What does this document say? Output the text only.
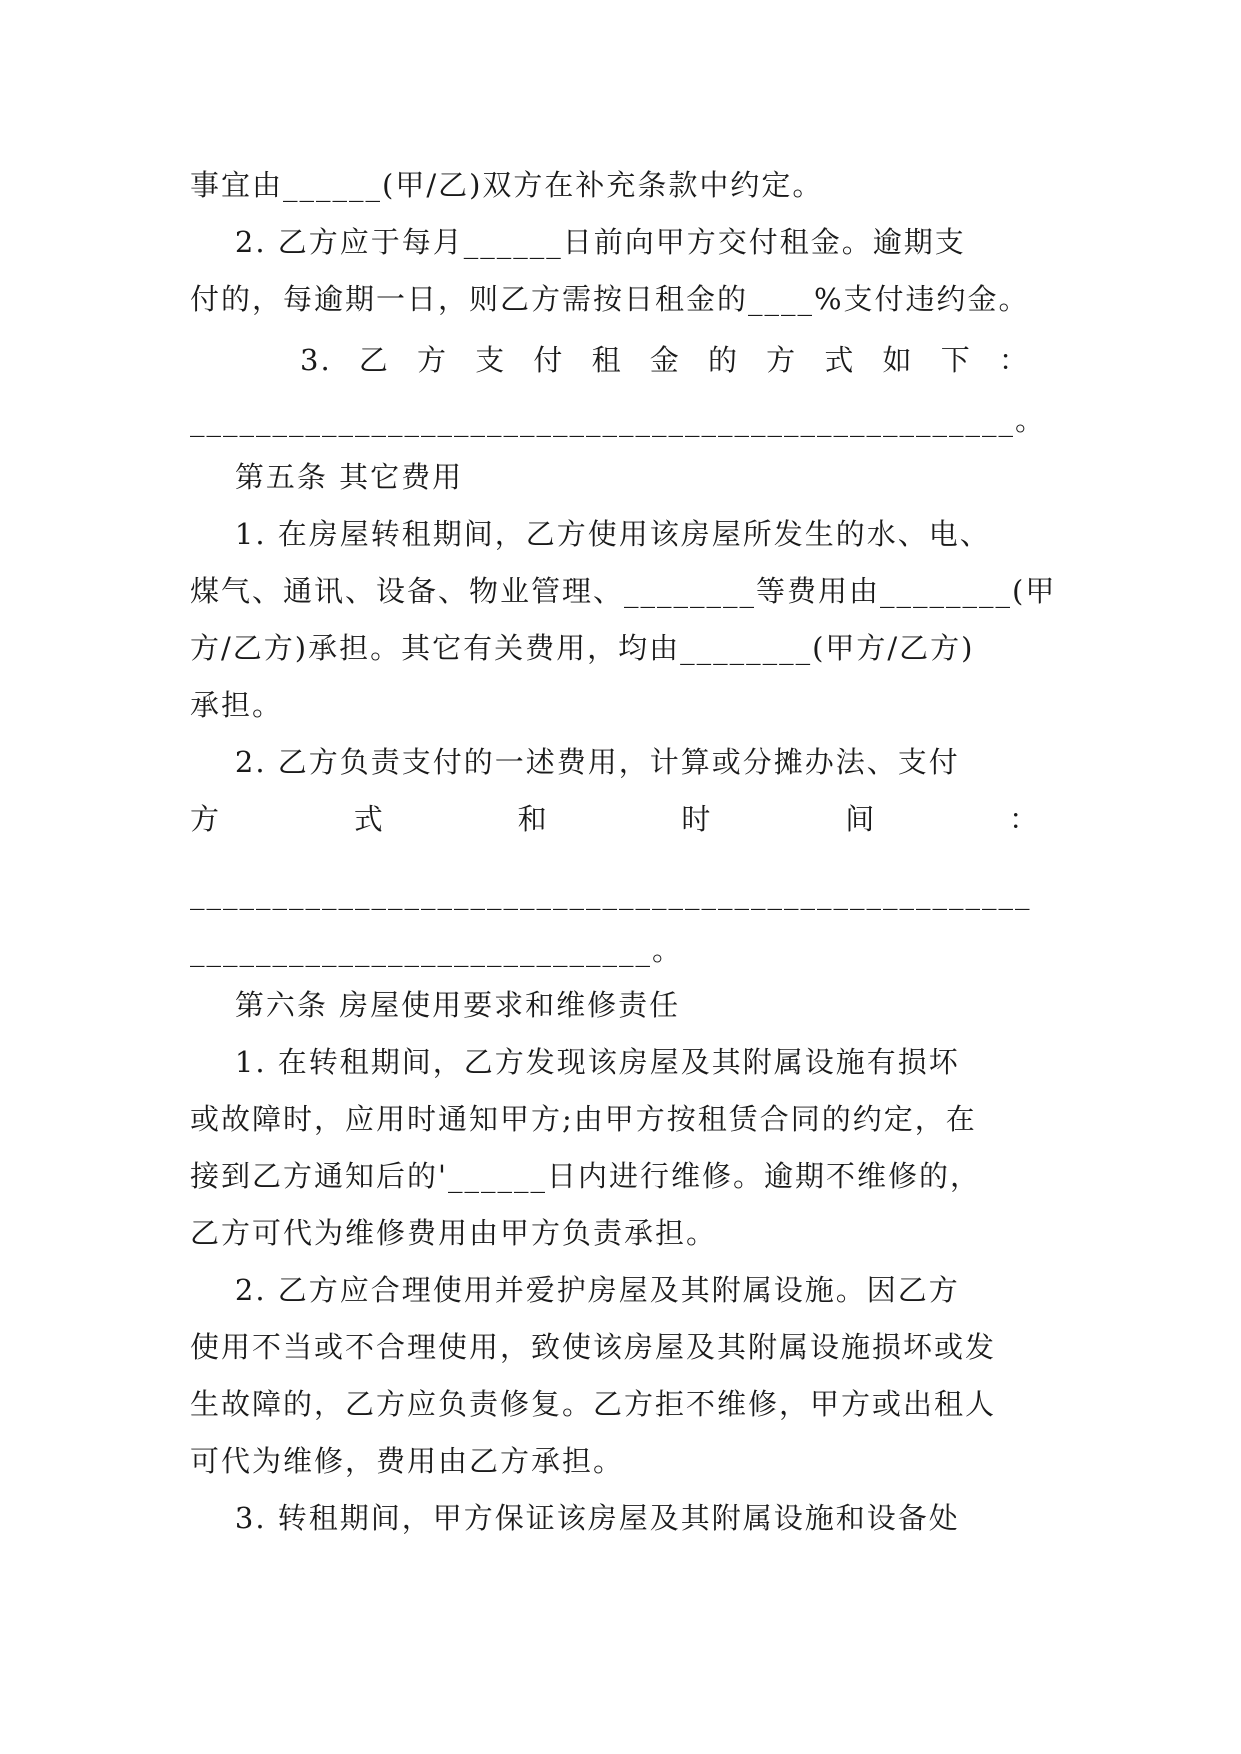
事宜由______(甲/乙)双方在补充条款中约定。
2. 乙方应于每月______日前向甲方交付租金。逾期支
付的，每逾期一日，则乙方需按日租金的____%支付违约金。
3. 乙 方 支 付 租 金 的 方 式 如 下 ：
__________________________________________________。
第五条 其它费用
1. 在房屋转租期间，乙方使用该房屋所发生的水、电、
煤气、通讯、设备、物业管理、________等费用由________(甲
方/乙方)承担。其它有关费用，均由________(甲方/乙方)
承担。
2. 乙方负责支付的一述费用，计算或分摊办法、支付
方	式	和	时	间	：
___________________________________________________
____________________________。
第六条 房屋使用要求和维修责任
1. 在转租期间，乙方发现该房屋及其附属设施有损坏
或故障时，应用时通知甲方;由甲方按租赁合同的约定，在
接到乙方通知后的'______日内进行维修。逾期不维修的，
乙方可代为维修费用由甲方负责承担。
2. 乙方应合理使用并爱护房屋及其附属设施。因乙方
使用不当或不合理使用，致使该房屋及其附属设施损坏或发
生故障的，乙方应负责修复。乙方拒不维修，甲方或出租人
可代为维修，费用由乙方承担。
3. 转租期间，甲方保证该房屋及其附属设施和设备处
